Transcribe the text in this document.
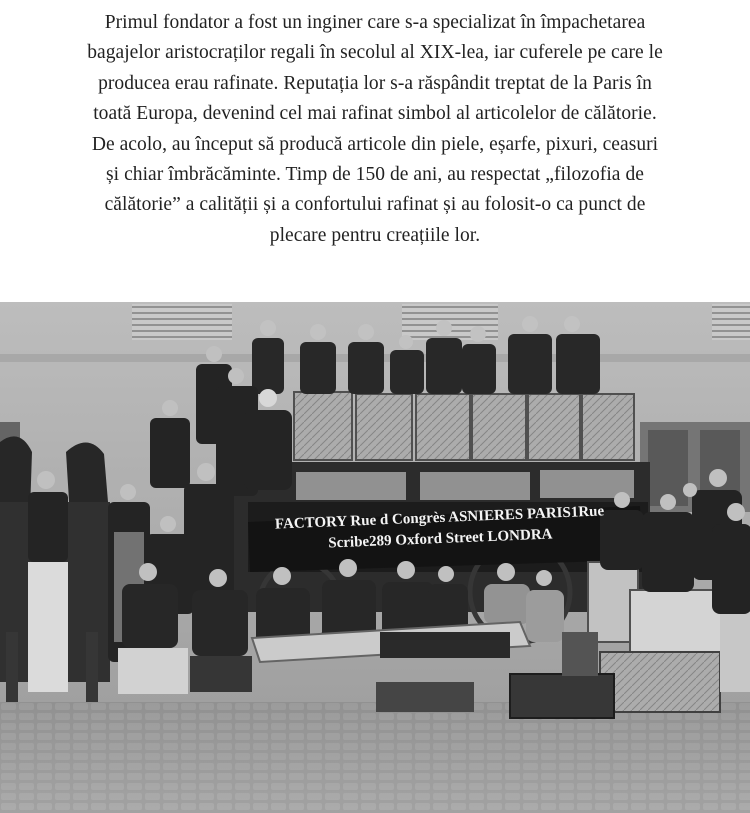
Primul fondator a fost un inginer care s-a specializat în împachetarea
bagajelor aristocraților regali în secolul al XIX-lea, iar cuferele pe care le
producea erau rafinate. Reputația lor s-a răspândit treptat de la Paris în
toată Europa, devenind cel mai rafinat simbol al articolelor de călătorie.
De acolo, au început să producă articole din piele, eșarfe, pixuri, ceasuri
și chiar îmbrăcăminte. Timp de 150 de ani, au respectat „filozofia de
călătorie” a calității și a confortului rafinat și au folosit-o ca punct de
plecare pentru creațiile lor.
FACTORY Rue d Congrès ASNIERES PARIS1Rue
Scribe289 Oxford Street LONDRA
